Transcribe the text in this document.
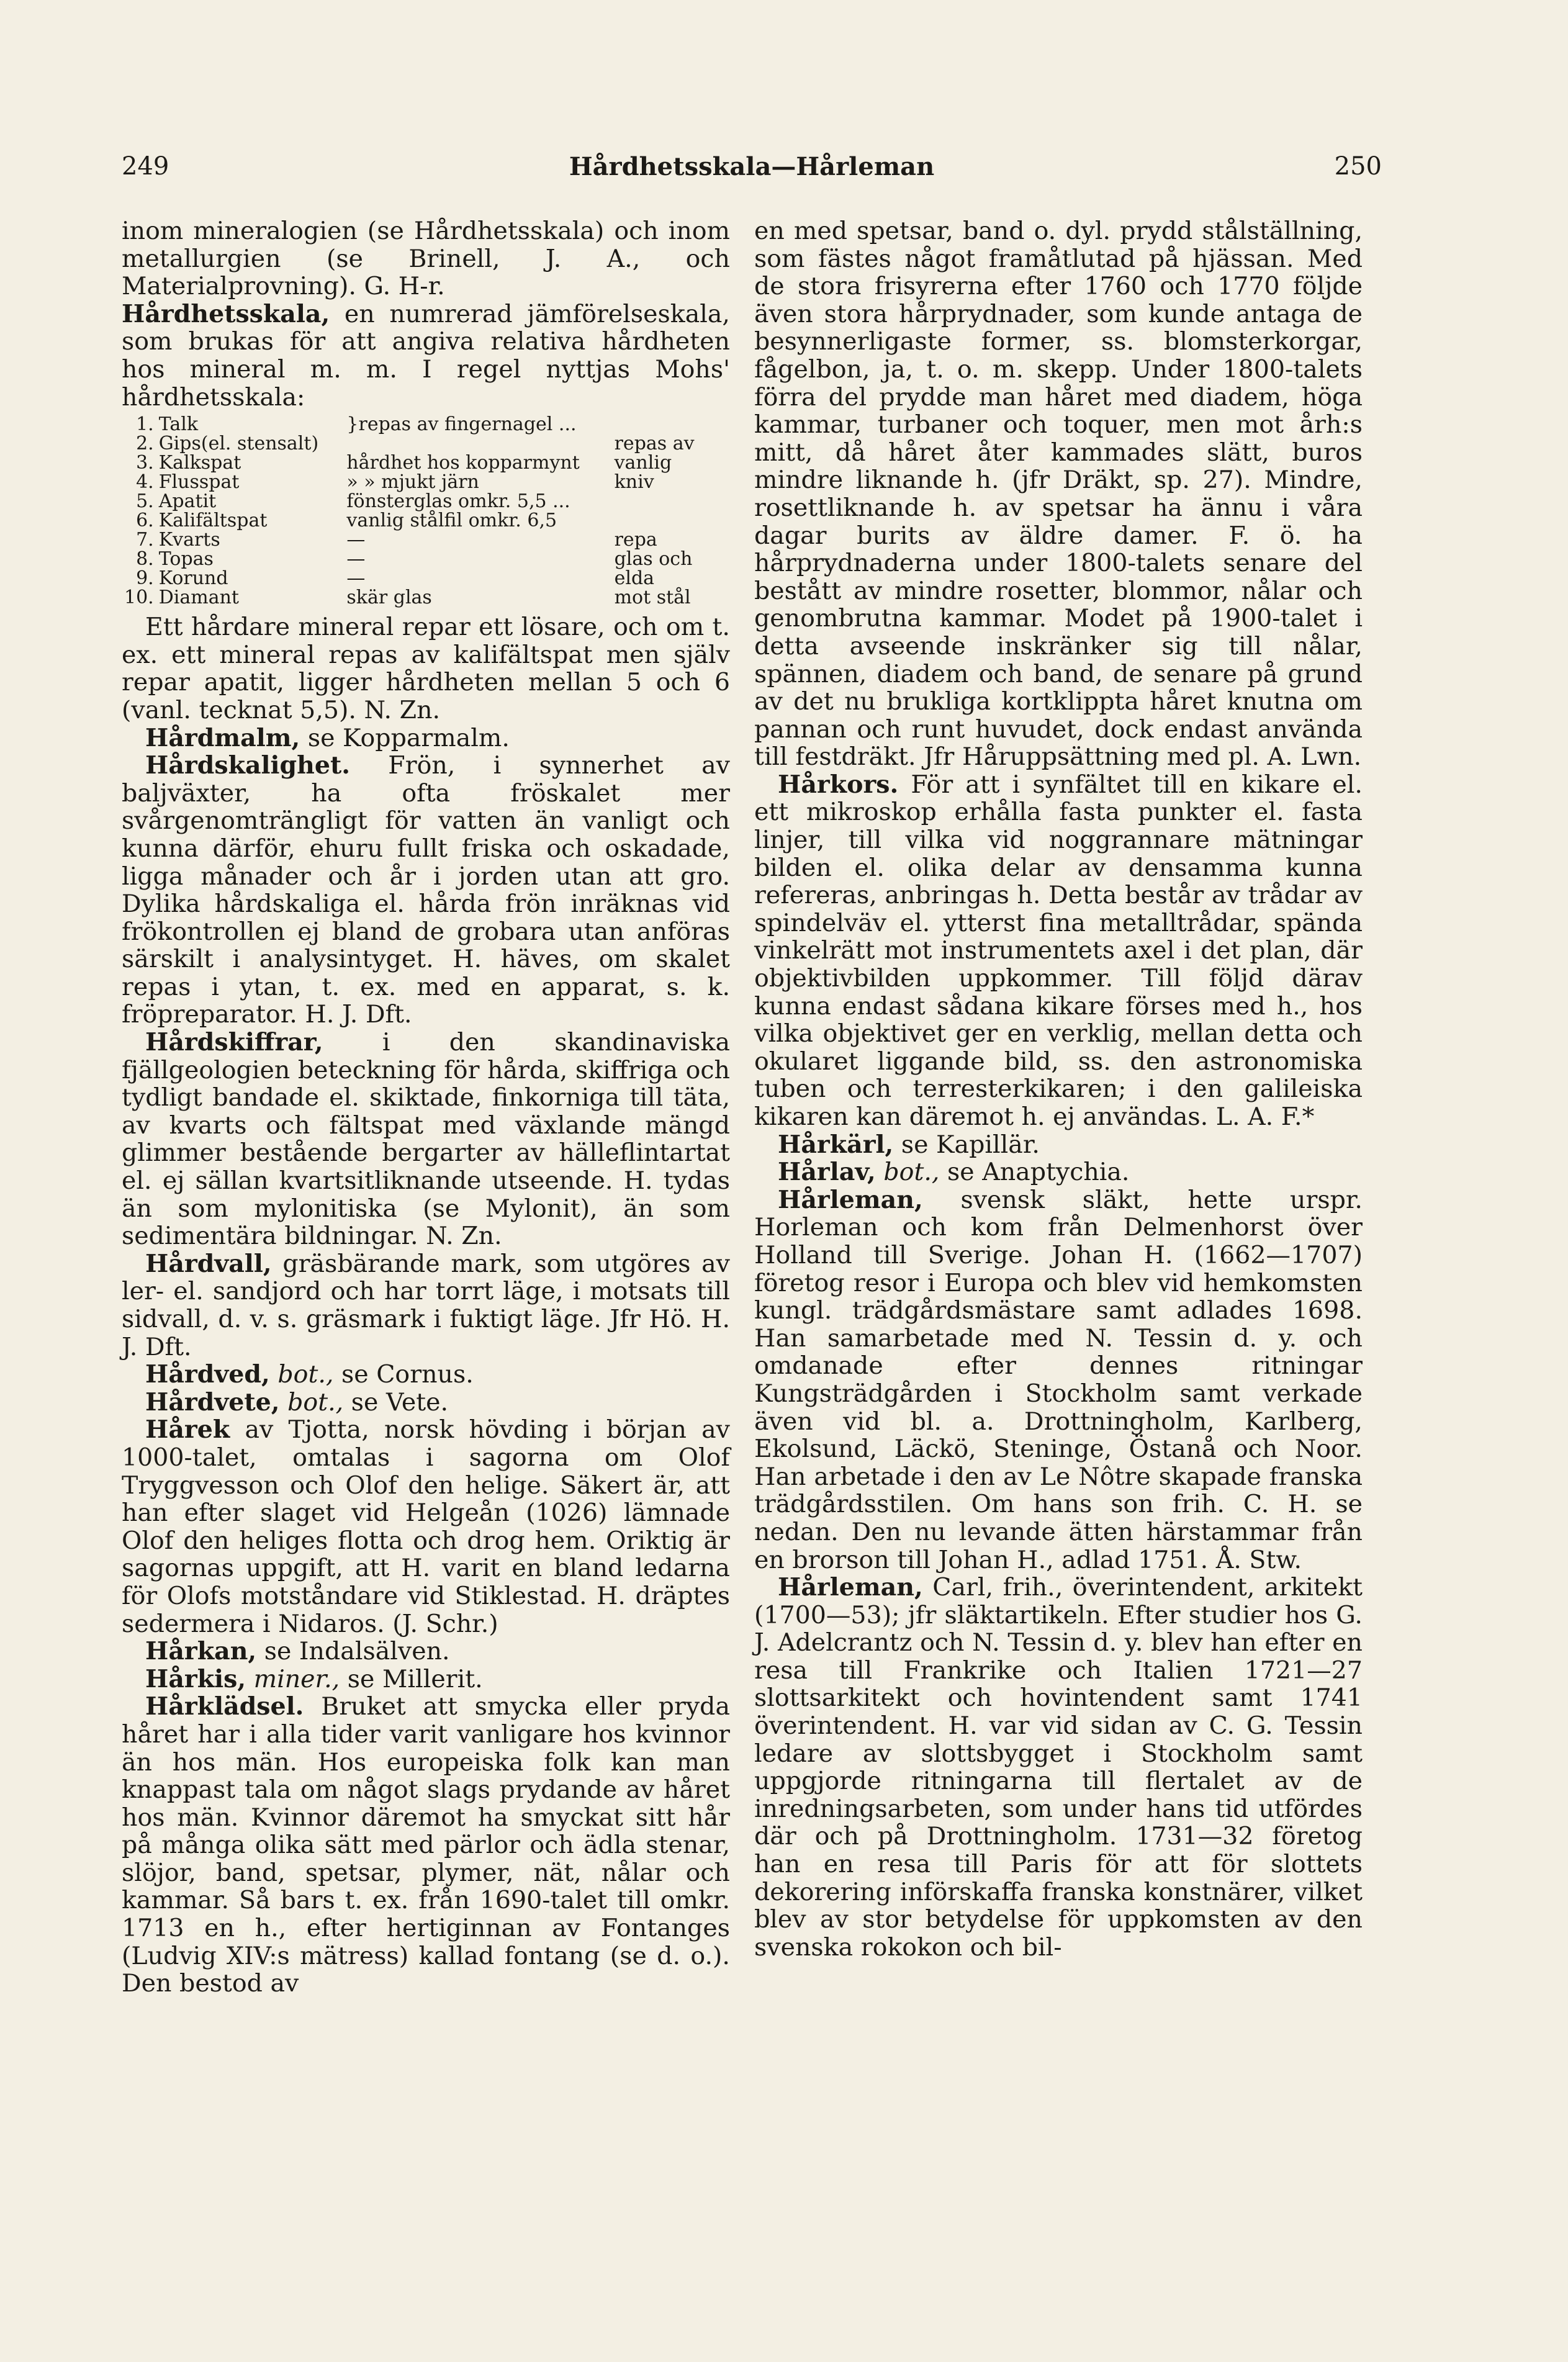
249	Hårdhetsskala—Hårleman	250

inom mineralogien (se Hårdhetsskala) och inom metallurgien (se Brinell, J. A., och Materialprovning). G. H-r.

Hårdhetsskala, en numrerad jämförelseskala, som brukas för att angiva relativa hårdheten hos mineral m. m. I regel nyttjas Mohs' hårdhetsskala:

1.	Talk	}repas av fingernagel ...	
2.	Gips(el. stensalt)		repas av
3.	Kalkspat	hårdhet hos kopparmynt	vanlig
4.	Flusspat	» » mjukt järn	kniv
5.	Apatit	fönsterglas omkr. 5,5 ...	
6.	Kalifältspat	vanlig stålfil omkr. 6,5	
7.	Kvarts	—	repa
8.	Topas	—	glas och
9.	Korund	—	elda
10.	Diamant	skär glas	mot stål

Ett hårdare mineral repar ett lösare, och om t. ex. ett mineral repas av kalifältspat men själv repar apatit, ligger hårdheten mellan 5 och 6 (vanl. tecknat 5,5). N. Zn.

Hårdmalm, se Kopparmalm.

Hårdskalighet. Frön, i synnerhet av baljväxter, ha ofta fröskalet mer svårgenomträngligt för vatten än vanligt och kunna därför, ehuru fullt friska och oskadade, ligga månader och år i jorden utan att gro. Dylika hårdskaliga el. hårda frön inräknas vid frökontrollen ej bland de grobara utan anföras särskilt i analysintyget. H. häves, om skalet repas i ytan, t. ex. med en apparat, s. k. fröpreparator. H. J. Dft.

Hårdskiffrar, i den skandinaviska fjällgeologien beteckning för hårda, skiffriga och tydligt bandade el. skiktade, finkorniga till täta, av kvarts och fältspat med växlande mängd glimmer bestående bergarter av hälleflintartat el. ej sällan kvartsitliknande utseende. H. tydas än som mylonitiska (se Mylonit), än som sedimentära bildningar. N. Zn.

Hårdvall, gräsbärande mark, som utgöres av ler- el. sandjord och har torrt läge, i motsats till sidvall, d. v. s. gräsmark i fuktigt läge. Jfr Hö. H. J. Dft.

Hårdved, bot., se Cornus.

Hårdvete, bot., se Vete.

Hårek av Tjotta, norsk hövding i början av 1000-talet, omtalas i sagorna om Olof Tryggvesson och Olof den helige. Säkert är, att han efter slaget vid Helgeån (1026) lämnade Olof den heliges flotta och drog hem. Oriktig är sagornas uppgift, att H. varit en bland ledarna för Olofs motståndare vid Stiklestad. H. dräptes sedermera i Nidaros. (J. Schr.)

Hårkan, se Indalsälven.

Hårkis, miner., se Millerit.

Hårklädsel. Bruket att smycka eller pryda håret har i alla tider varit vanligare hos kvinnor än hos män. Hos europeiska folk kan man knappast tala om något slags prydande av håret hos män. Kvinnor däremot ha smyckat sitt hår på många olika sätt med pärlor och ädla stenar, slöjor, band, spetsar, plymer, nät, nålar och kammar. Så bars t. ex. från 1690-talet till omkr. 1713 en h., efter hertiginnan av Fontanges (Ludvig XIV:s mätress) kallad fontang (se d. o.). Den bestod av

en med spetsar, band o. dyl. prydd stålställning, som fästes något framåtlutad på hjässan. Med de stora frisyrerna efter 1760 och 1770 följde även stora hårprydnader, som kunde antaga de besynnerligaste former, ss. blomsterkorgar, fågelbon, ja, t. o. m. skepp. Under 1800-talets förra del prydde man håret med diadem, höga kammar, turbaner och toquer, men mot årh:s mitt, då håret åter kammades slätt, buros mindre liknande h. (jfr Dräkt, sp. 27). Mindre, rosettliknande h. av spetsar ha ännu i våra dagar burits av äldre damer. F. ö. ha hårprydnaderna under 1800-talets senare del bestått av mindre rosetter, blommor, nålar och genombrutna kammar. Modet på 1900-talet i detta avseende inskränker sig till nålar, spännen, diadem och band, de senare på grund av det nu brukliga kortklippta håret knutna om pannan och runt huvudet, dock endast använda till festdräkt. Jfr Håruppsättning med pl. A. Lwn.

Hårkors. För att i synfältet till en kikare el. ett mikroskop erhålla fasta punkter el. fasta linjer, till vilka vid noggrannare mätningar bilden el. olika delar av densamma kunna refereras, anbringas h. Detta består av trådar av spindelväv el. ytterst fina metalltrådar, spända vinkelrätt mot instrumentets axel i det plan, där objektivbilden uppkommer. Till följd därav kunna endast sådana kikare förses med h., hos vilka objektivet ger en verklig, mellan detta och okularet liggande bild, ss. den astronomiska tuben och terresterkikaren; i den galileiska kikaren kan däremot h. ej användas. L. A. F.*

Hårkärl, se Kapillär.

Hårlav, bot., se Anaptychia.

Hårleman, svensk släkt, hette urspr. Horleman och kom från Delmenhorst över Holland till Sverige. Johan H. (1662—1707) företog resor i Europa och blev vid hemkomsten kungl. trädgårdsmästare samt adlades 1698. Han samarbetade med N. Tessin d. y. och omdanade efter dennes ritningar Kungsträdgården i Stockholm samt verkade även vid bl. a. Drottningholm, Karlberg, Ekolsund, Läckö, Steninge, Östanå och Noor. Han arbetade i den av Le Nôtre skapade franska trädgårdsstilen. Om hans son frih. C. H. se nedan. Den nu levande ätten härstammar från en brorson till Johan H., adlad 1751. Å. Stw.

Hårleman, Carl, frih., överintendent, arkitekt (1700—53); jfr släktartikeln. Efter studier hos G. J. Adelcrantz och N. Tessin d. y. blev han efter en resa till Frankrike och Italien 1721—27 slottsarkitekt och hovintendent samt 1741 överintendent. H. var vid sidan av C. G. Tessin ledare av slottsbygget i Stockholm samt uppgjorde ritningarna till flertalet av de inredningsarbeten, som under hans tid utfördes där och på Drottningholm. 1731—32 företog han en resa till Paris för att för slottets dekorering införskaffa franska konstnärer, vilket blev av stor betydelse för uppkomsten av den svenska rokokon och bil-
